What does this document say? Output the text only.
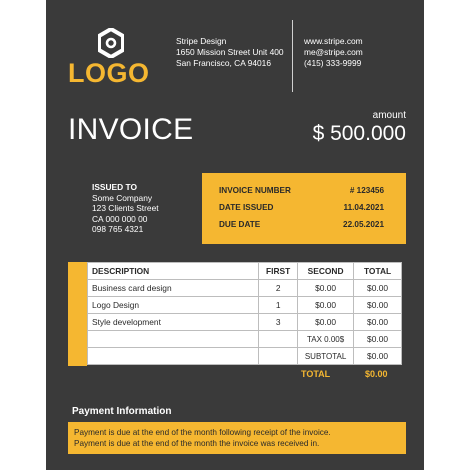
LOGO
Stripe Design
1650 Mission Street Unit 400
San Francisco, CA 94016
www.stripe.com
me@stripe.com
(415) 333-9999
INVOICE	amount
$ 500.000
ISSUED TO
Some Company
123 Clients Street
CA 000 000 00
098 765 4321
INVOICE NUMBER	# 123456
DATE ISSUED	11.04.2021
DUE DATE	22.05.2021
DESCRIPTION	FIRST	SECOND	TOTAL
Business card design	2	$0.00	$0.00
Logo Design	1	$0.00	$0.00
Style development	3	$0.00	$0.00
		TAX 0.00$	$0.00
		SUBTOTAL	$0.00
TOTAL	$0.00
Payment Information
Payment is due at the end of the month following receipt of the invoice.
Payment is due at the end of the month the invoice was received in.
